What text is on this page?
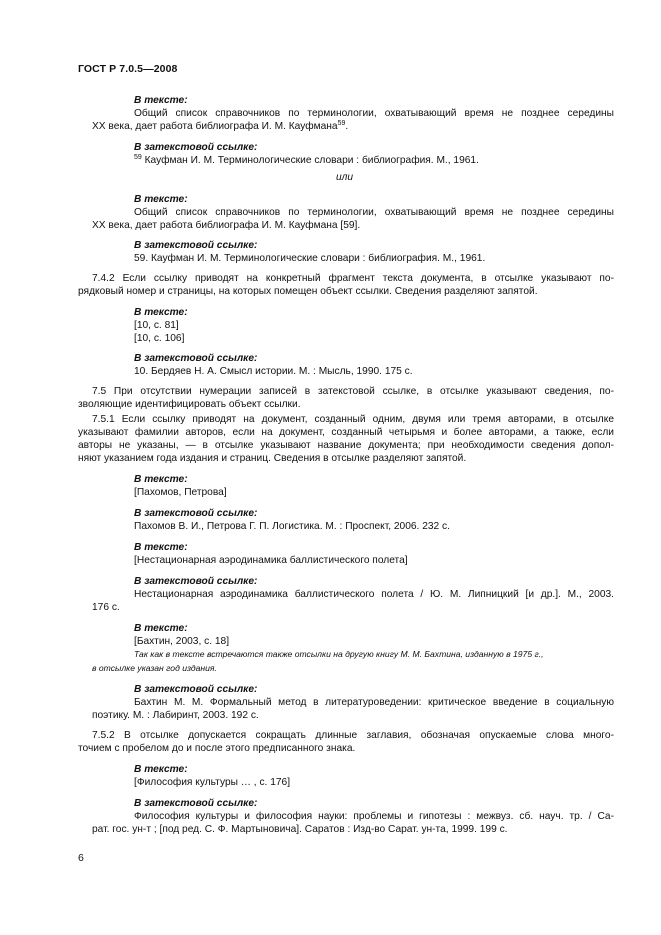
ГОСТ Р 7.0.5—2008
В тексте:
Общий список справочников по терминологии, охватывающий время не позднее середины
XX века, дает работа библиографа И. М. Кауфмана$^{59}$.
В затекстовой ссылке:
$^{59}$ Кауфман И. М. Терминологические словари : библиография. М., 1961.
или
В тексте:
Общий список справочников по терминологии, охватывающий время не позднее середины
XX века, дает работа библиографа И. М. Кауфмана [59].
В затекстовой ссылке:
59. Кауфман И. М. Терминологические словари : библиография. М., 1961.
7.4.2 Если ссылку приводят на конкретный фрагмент текста документа, в отсылке указывают по-
рядковый номер и страницы, на которых помещен объект ссылки. Сведения разделяют запятой.
В тексте:
[10, с. 81]
[10, с. 106]
В затекстовой ссылке:
10. Бердяев Н. А. Смысл истории. М. : Мысль, 1990. 175 с.
7.5 При отсутствии нумерации записей в затекстовой ссылке, в отсылке указывают сведения, по-
зволяющие идентифицировать объект ссылки.
7.5.1 Если ссылку приводят на документ, созданный одним, двумя или тремя авторами, в отсылке
указывают фамилии авторов, если на документ, созданный четырьмя и более авторами, а также, если
авторы не указаны, — в отсылке указывают название документа; при необходимости сведения допол-
няют указанием года издания и страниц. Сведения в отсылке разделяют запятой.
В тексте:
[Пахомов, Петрова]
В затекстовой ссылке:
Пахомов В. И., Петрова Г. П. Логистика. М. : Проспект, 2006. 232 с.
В тексте:
[Нестационарная аэродинамика баллистического полета]
В затекстовой ссылке:
Нестационарная аэродинамика баллистического полета / Ю. М. Липницкий [и др.]. М., 2003.
176 с.
В тексте:
[Бахтин, 2003, с. 18]
Так как в тексте встречаются также отсылки на другую книгу М. М. Бахтина, изданную в 1975 г.,
в отсылке указан год издания.
В затекстовой ссылке:
Бахтин М. М. Формальный метод в литературоведении: критическое введение в социальную
поэтику. М. : Лабиринт, 2003. 192 с.
7.5.2 В отсылке допускается сокращать длинные заглавия, обозначая опускаемые слова много-
точием с пробелом до и после этого предписанного знака.
В тексте:
[Философия культуры … , с. 176]
В затекстовой ссылке:
Философия культуры и философия науки: проблемы и гипотезы : межвуз. сб. науч. тр. / Са-
рат. гос. ун-т ; [под ред. С. Ф. Мартыновича]. Саратов : Изд-во Сарат. ун-та, 1999. 199 с.
6
